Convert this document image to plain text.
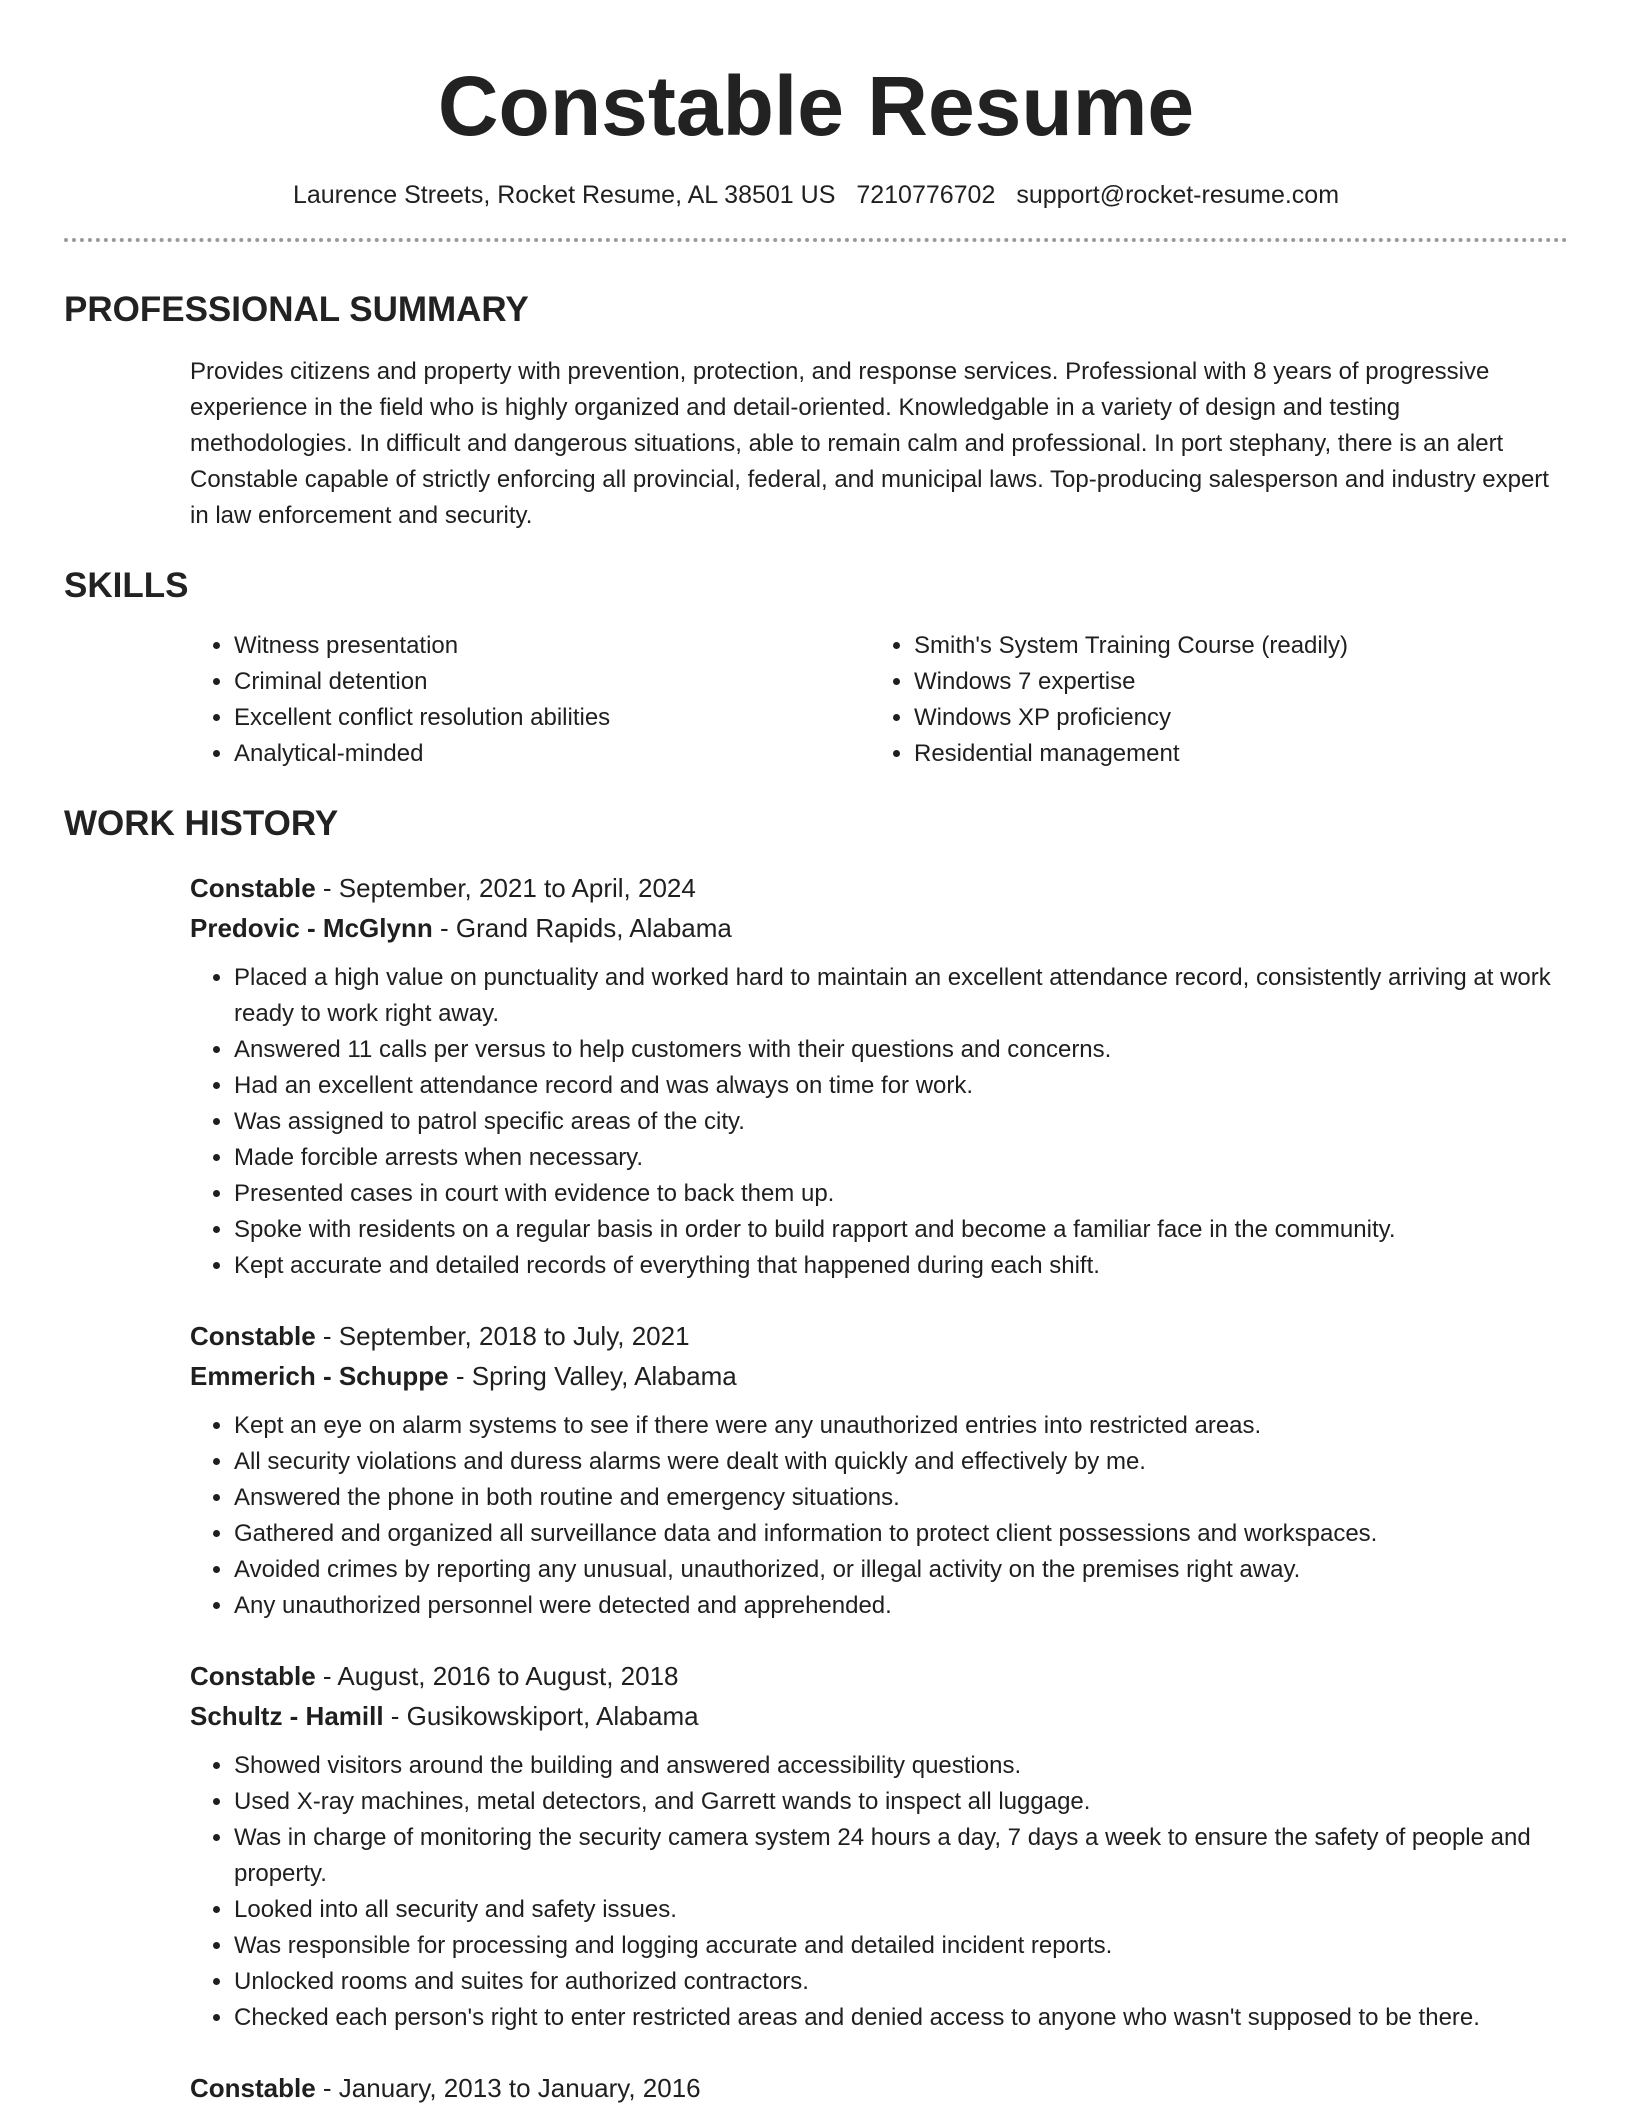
Constable Resume
Laurence Streets, Rocket Resume, AL 38501 US 7210776702 support@rocket-resume.com
PROFESSIONAL SUMMARY

Provides citizens and property with prevention, protection, and response services. Professional with 8 years of progressive experience in the field who is highly organized and detail-oriented. Knowledgable in a variety of design and testing methodologies. In difficult and dangerous situations, able to remain calm and professional. In port stephany, there is an alert Constable capable of strictly enforcing all provincial, federal, and municipal laws. Top-producing salesperson and industry expert in law enforcement and security.

SKILLS
• Witness presentation
• Criminal detention
• Excellent conflict resolution abilities
• Analytical-minded
• Smith's System Training Course (readily)
• Windows 7 expertise
• Windows XP proficiency
• Residential management
WORK HISTORY
Constable - September, 2021 to April, 2024
Predovic - McGlynn - Grand Rapids, Alabama
• Placed a high value on punctuality and worked hard to maintain an excellent attendance record, consistently arriving at work ready to work right away.
• Answered 11 calls per versus to help customers with their questions and concerns.
• Had an excellent attendance record and was always on time for work.
• Was assigned to patrol specific areas of the city.
• Made forcible arrests when necessary.
• Presented cases in court with evidence to back them up.
• Spoke with residents on a regular basis in order to build rapport and become a familiar face in the community.
• Kept accurate and detailed records of everything that happened during each shift.
Constable - September, 2018 to July, 2021
Emmerich - Schuppe - Spring Valley, Alabama
• Kept an eye on alarm systems to see if there were any unauthorized entries into restricted areas.
• All security violations and duress alarms were dealt with quickly and effectively by me.
• Answered the phone in both routine and emergency situations.
• Gathered and organized all surveillance data and information to protect client possessions and workspaces.
• Avoided crimes by reporting any unusual, unauthorized, or illegal activity on the premises right away.
• Any unauthorized personnel were detected and apprehended.
Constable - August, 2016 to August, 2018
Schultz - Hamill - Gusikowskiport, Alabama
• Showed visitors around the building and answered accessibility questions.
• Used X-ray machines, metal detectors, and Garrett wands to inspect all luggage.
• Was in charge of monitoring the security camera system 24 hours a day, 7 days a week to ensure the safety of people and property.
• Looked into all security and safety issues.
• Was responsible for processing and logging accurate and detailed incident reports.
• Unlocked rooms and suites for authorized contractors.
• Checked each person's right to enter restricted areas and denied access to anyone who wasn't supposed to be there.
Constable - January, 2013 to January, 2016
